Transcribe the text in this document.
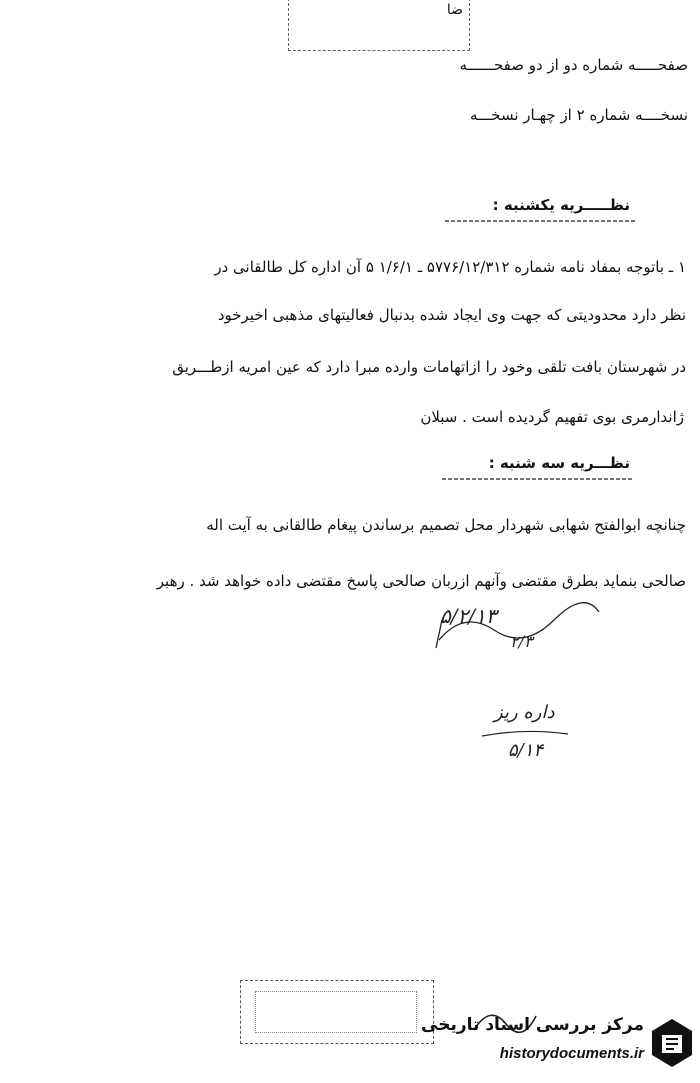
ضا
صفحـــــه شماره دو از دو صفحــــــه
نسخــــه شماره ۲ از چهـار نسخـــه
نظـــــریه یکشنبه :
۱ ـ باتوجه بمفاد نامه شماره ۵۷۷۶/۱۲/۳۱۲ ـ ۱/۶/۱ ۵ آن اداره کل طالقانی در
نظر دارد محدودیتی که جهت وی ایجاد شده بدنبال فعالیتهای مذهبی اخیرخود
در شهرستان بافت تلقی وخود را ازاتهامات وارده مبرا دارد که عین امریه ازطـــریق
ژاندارمری بوی تفهیم گردیده است . سبلان
نظـــریه سه شنبه :
چنانچه ابوالفتح شهابی شهردار محل تصمیم برساندن پیغام طالقانی به آیت اله
صالحی بنماید بطرق مقتضی وآنهم ازربان صالحی پاسخ مقتضی داده خواهد شد . رهبر
۵/۲/۱۳
۲/۳
داره ریز
۵/۱۴
مرکز بررسی اسناد تاریخی
historydocuments.ir
